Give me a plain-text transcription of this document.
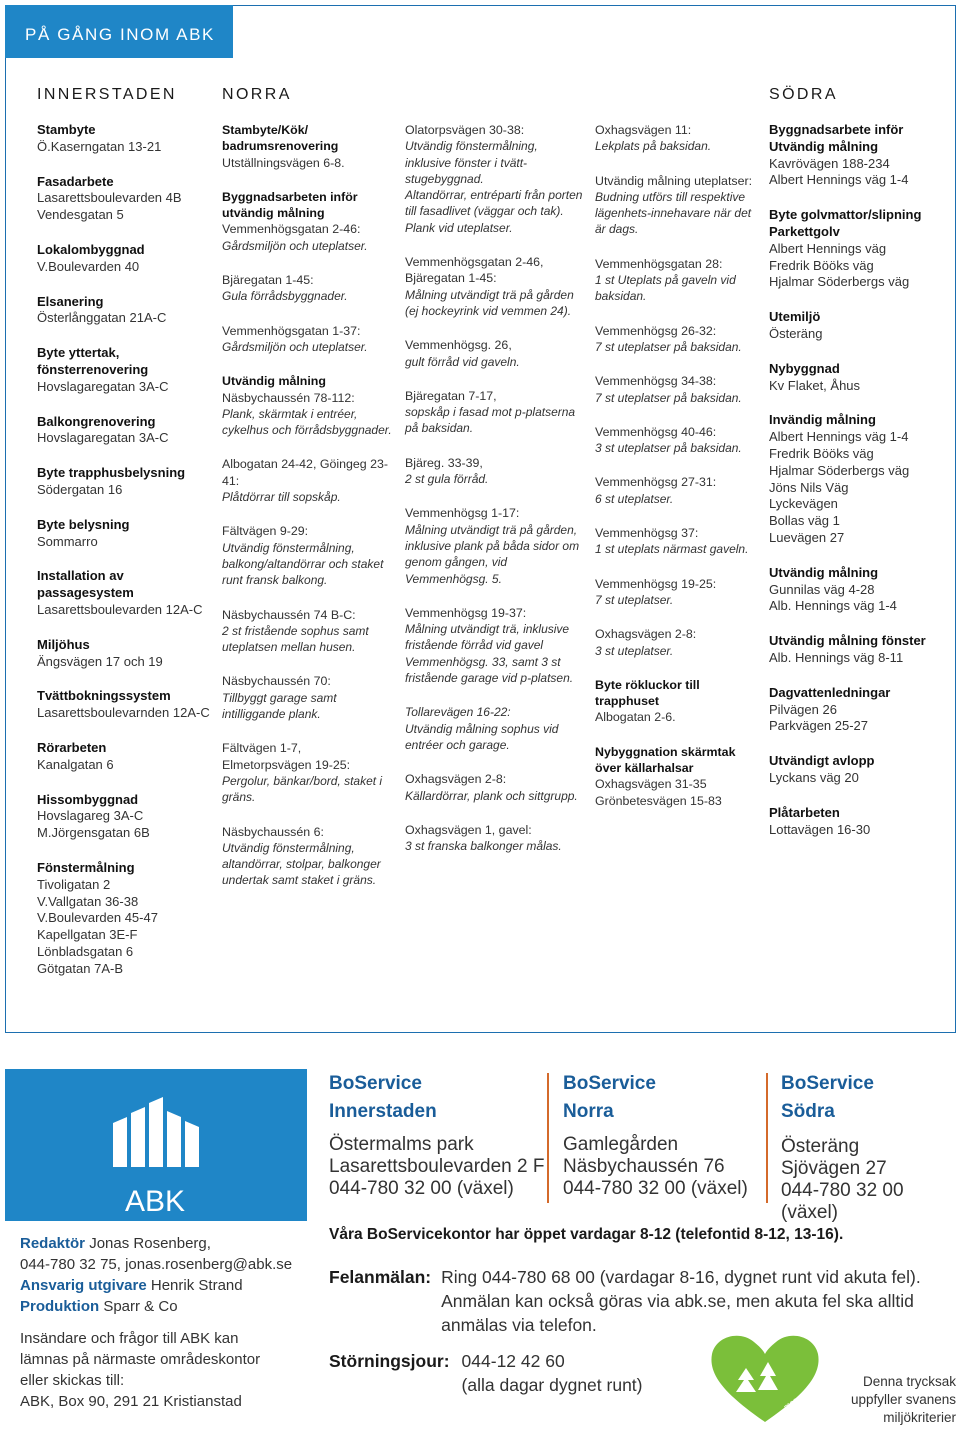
PÅ GÅNG INOM ABK
INNERSTADEN	NORRA	SÖDRA
Stambyte
Ö.Kaserngatan 13-21
Fasadarbete
Lasarettsboulevarden 4B
Vendesgatan 5
Lokalombyggnad
V.Boulevarden 40
Elsanering
Österlånggatan 21A-C
Byte yttertak, fönsterrenovering
Hovslagaregatan 3A-C
Balkongrenovering
Hovslagaregatan 3A-C
Byte trapphusbelysning
Södergatan 16
Byte belysning
Sommarro
Installation av passagesystem
Lasarettsboulevarden 12A-C
Miljöhus
Ängsvägen 17 och 19
Tvättbokningssystem
Lasarettsboulevarnden 12A-C
Rörarbeten
Kanalgatan 6
Hissombyggnad
Hovslagareg 3A-C
M.Jörgensgatan 6B
Fönstermålning
Tivoligatan 2
V.Vallgatan 36-38
V.Boulevarden 45-47
Kapellgatan 3E-F
Lönbladsgatan 6
Götgatan 7A-B
Stambyte/Kök/ badrumsrenovering
Utställningsvägen 6-8.
Byggnadsarbeten inför utvändig målning
Vemmenhögsgatan 2-46:
Gårdsmiljön och uteplatser.
Bjäregatan 1-45:
Gula förrådsbyggnader.
Vemmenhögsgatan 1-37:
Gårdsmiljön och uteplatser.
Utvändig målning
Näsbychaussén 78-112:
Plank, skärmtak i entréer, cykelhus och förrådsbyggnader.
Albogatan 24-42, Göingeg 23-41:
Plåtdörrar till sopskåp.
Fältvägen 9-29:
Utvändig fönstermålning, balkong/altandörrar och staket runt fransk balkong.
Näsbychaussén 74 B-C:
2 st fristående sophus samt uteplatsen mellan husen.
Näsbychaussén 70:
Tillbyggt garage samt intilliggande plank.
Fältvägen 1-7, Elmetorpsvägen 19-25:
Pergolur, bänkar/bord, staket i gräns.
Näsbychaussén 6:
Utvändig fönstermålning, altandörrar, stolpar, balkonger undertak samt staket i gräns.
Olatorpsvägen 30-38:
Utvändig fönstermålning, inklusive fönster i tvätt-stugebyggnad.
Altandörrar, entréparti från porten till fasadlivet (väggar och tak).
Plank vid uteplatser.
Vemmenhögsgatan 2-46, Bjäregatan 1-45:
Målning utvändigt trä på gården (ej hockeyrink vid vemmen 24).
Vemmenhögsg. 26,
gult förråd vid gaveln.
Bjäregatan 7-17,
sopskåp i fasad mot p-platserna på baksidan.
Bjäreg. 33-39,
2 st gula förråd.
Vemmenhögsg 1-17:
Målning utvändigt trä på gården, inklusive plank på båda sidor om genom gången, vid Vemmenhögsg. 5.
Vemmenhögsg 19-37:
Målning utvändigt trä, inklusive fristående förråd vid gavel Vemmenhögsg. 33, samt 3 st fristående garage vid p-platsen.
Tollarevägen 16-22:
Utvändig målning sophus vid entréer och garage.
Oxhagsvägen 2-8:
Källardörrar, plank och sittgrupp.
Oxhagsvägen 1, gavel:
3 st franska balkonger målas.
Oxhagsvägen 11:
Lekplats på baksidan.
Utvändig målning uteplatser:
Budning utförs till respektive lägenhets-innehavare när det är dags.
Vemmenhögsgatan 28:
1 st Uteplats på gaveln vid baksidan.
Vemmenhögsg 26-32:
7 st uteplatser på baksidan.
Vemmenhögsg 34-38:
7 st uteplatser på baksidan.
Vemmenhögsg 40-46:
3 st uteplatser på baksidan.
Vemmenhögsg 27-31:
6 st uteplatser.
Vemmenhögsg 37:
1 st uteplats närmast gaveln.
Vemmenhögsg 19-25:
7 st uteplatser.
Oxhagsvägen 2-8:
3 st uteplatser.
Byte rökluckor till trapphuset
Albogatan 2-6.
Nybyggnation skärmtak över källarhalsar
Oxhagsvägen 31-35
Grönbetesvägen 15-83
Byggnadsarbete inför Utvändig målning
Kavrövägen 188-234
Albert Hennings väg 1-4
Byte golvmattor/slipning Parkettgolv
Albert Hennings väg
Fredrik Bööks väg
Hjalmar Söderbergs väg
Utemiljö
Österäng
Nybyggnad
Kv Flaket, Åhus
Invändig målning
Albert Hennings väg 1-4
Fredrik Bööks väg
Hjalmar Söderbergs väg
Jöns Nils Väg
Lyckevägen
Bollas väg 1
Luevägen 27
Utvändig målning
Gunnilas väg 4-28
Alb. Hennings väg 1-4
Utvändig målning fönster
Alb. Hennings väg 8-11
Dagvattenledningar
Pilvägen 26
Parkvägen 25-27
Utvändigt avlopp
Lyckans väg 20
Plåtarbeten
Lottavägen 16-30
ABK
BoService
Innerstaden
Östermalms park
Lasarettsboulevarden 2 F
044-780 32 00 (växel)
BoService
Norra
Gamlegården
Näsbychaussén 76
044-780 32 00 (växel)
BoService
Södra
Österäng
Sjövägen 27
044-780 32 00 (växel)
Redaktör Jonas Rosenberg,
044-780 32 75, jonas.rosenberg@abk.se
Ansvarig utgivare Henrik Strand
Produktion Sparr & Co
Insändare och frågor till ABK kan
lämnas på närmaste områdeskontor
eller skickas till:
ABK, Box 90, 291 21 Kristianstad
Våra BoServicekontor har öppet vardagar 8-12 (telefontid 8-12, 13-16).
Felanmälan:	Ring 044-780 68 00 (vardagar 8-16, dygnet runt vid akuta fel).
Anmälan kan också göras via abk.se, men akuta fel ska alltid
anmälas via telefon.
Störningsjour:	044-12 42 60
(alla dagar dygnet runt)	mapsverige.se	Denna trycksak
uppfyller svanens
miljökriterier
